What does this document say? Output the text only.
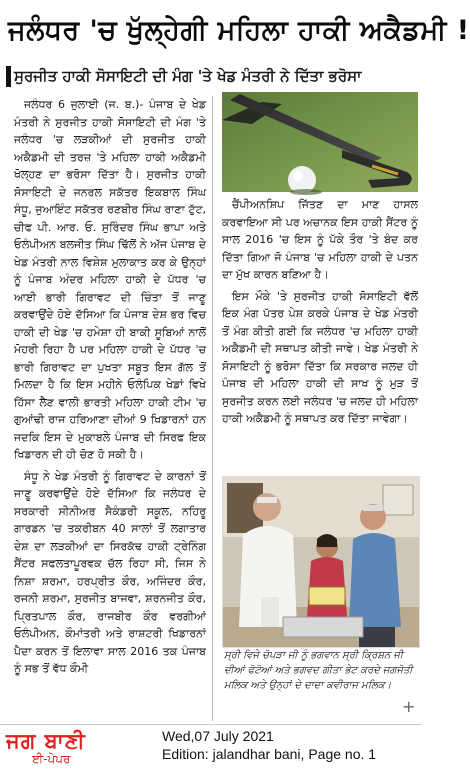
ਜਲੰਧਰ 'ਚ ਖੁੱਲ੍ਹੇਗੀ ਮਹਿਲਾ ਹਾਕੀ ਅਕੈਡਮੀ !
ਸੁਰਜੀਤ ਹਾਕੀ ਸੋਸਾਇਟੀ ਦੀ ਮੰਗ 'ਤੇ ਖੇਡ ਮੰਤਰੀ ਨੇ ਦਿੱਤਾ ਭਰੋਸਾ

ਜਲੰਧਰ 6 ਜੁਲਾਈ (ਜ. ਬ.)- ਪੰਜਾਬ ਦੇ ਖੇਡ ਮੰਤਰੀ ਨੇ ਸੁਰਜੀਤ ਹਾਕੀ ਸੋਸਾਇਟੀ ਦੀ ਮੰਗ 'ਤੇ ਜਲੰਧਰ 'ਚ ਲੜਕੀਆਂ ਦੀ ਸੁਰਜੀਤ ਹਾਕੀ ਅਕੈਡਮੀ ਦੀ ਤਰਜ਼ 'ਤੇ ਮਹਿਲਾ ਹਾਕੀ ਅਕੈਡਮੀ ਖੋਲ੍ਹਣ ਦਾ ਭਰੋਸਾ ਦਿੱਤਾ ਹੈ। ਸੁਰਜੀਤ ਹਾਕੀ ਸੋਸਾਇਟੀ ਦੇ ਜਨਰਲ ਸਕੱਤਰ ਇਕਬਾਲ ਸਿੰਘ ਸੰਧੂ, ਜੁਆਇੰਟ ਸਕੱਤਰ ਰਣਬੀਰ ਸਿੰਘ ਰਾਣਾ ਟੁੱਟ, ਚੀਫ ਪੀ. ਆਰ. ਓ. ਸੁਰਿੰਦਰ ਸਿੰਘ ਭਾਪਾ ਅਤੇ ਓਲੰਪੀਅਨ ਬਲਜੀਤ ਸਿੰਘ ਢਿੱਲੋਂ ਨੇ ਅੱਜ ਪੰਜਾਬ ਦੇ ਖੇਡ ਮੰਤਰੀ ਨਾਲ ਵਿਸ਼ੇਸ਼ ਮੁਲਾਕਾਤ ਕਰ ਕੇ ਉਨ੍ਹਾਂ ਨੂੰ ਪੰਜਾਬ ਅੰਦਰ ਮਹਿਲਾ ਹਾਕੀ ਦੇ ਪੱਧਰ 'ਚ ਆਈ ਭਾਰੀ ਗਿਰਾਵਟ ਦੀ ਚਿੰਤਾ ਤੋਂ ਜਾਣੂ ਕਰਵਾਉਂਦੇ ਹੋਏ ਦੱਸਿਆ ਕਿ ਪੰਜਾਬ ਦੇਸ਼ ਭਰ ਵਿਚ ਹਾਕੀ ਦੀ ਖੇਡ 'ਚ ਹਮੇਸ਼ਾ ਹੀ ਬਾਕੀ ਸੂਬਿਆਂ ਨਾਲੋਂ ਮੋਹਰੀ ਰਿਹਾ ਹੈ ਪਰ ਮਹਿਲਾ ਹਾਕੀ ਦੇ ਪੱਧਰ 'ਚ ਭਾਰੀ ਗਿਰਾਵਟ ਦਾ ਪੁਖਤਾ ਸਬੂਤ ਇਸ ਗੱਲ ਤੋਂ ਮਿਲਦਾ ਹੈ ਕਿ ਇਸ ਮਹੀਨੇ ਓਲੰਪਿਕ ਖੇਡਾਂ ਵਿਖੇ ਹਿੱਸਾ ਲੈਣ ਵਾਲੀ ਭਾਰਤੀ ਮਹਿਲਾ ਹਾਕੀ ਟੀਮ 'ਚ ਗੁਆਂਢੀ ਰਾਜ ਹਰਿਆਣਾ ਦੀਆਂ 9 ਖਿਡਾਰਨਾਂ ਹਨ ਜਦਕਿ ਇਸ ਦੇ ਮੁਕਾਬਲੇ ਪੰਜਾਬ ਦੀ ਸਿਰਫ ਇਕ ਖਿਡਾਰਨ ਦੀ ਹੀ ਚੋਣ ਹੋ ਸਕੀ ਹੈ।

ਸੰਧੂ ਨੇ ਖੇਡ ਮੰਤਰੀ ਨੂੰ ਗਿਰਾਵਟ ਦੇ ਕਾਰਨਾਂ ਤੋਂ ਜਾਣੂ ਕਰਵਾਉਂਦੇ ਹੋਏ ਦੱਸਿਆ ਕਿ ਜਲੰਧਰ ਦੇ ਸਰਕਾਰੀ ਸੀਨੀਅਰ ਸੈਕੰਡਰੀ ਸਕੂਲ, ਨਹਿਰੂ ਗਾਰਡਨ 'ਚ ਤਕਰੀਬਨ 40 ਸਾਲਾਂ ਤੋਂ ਲਗਾਤਾਰ ਦੇਸ਼ ਦਾ ਲੜਕੀਆਂ ਦਾ ਸਿਰਕੱਢ ਹਾਕੀ ਟ੍ਰੇਨਿੰਗ ਸੈਂਟਰ ਸਫਲਤਾਪੂਰਵਕ ਚੱਲ ਰਿਹਾ ਸੀ, ਜਿਸ ਨੇ ਨਿਸ਼ਾ ਸ਼ਰਮਾ, ਹਰਪ੍ਰੀਤ ਕੌਰ, ਅਜਿੰਦਰ ਕੌਰ, ਰਜਨੀ ਸ਼ਰਮਾ, ਸੁਰਜੀਤ ਬਾਜਵਾ, ਸ਼ਰਨਜੀਤ ਕੌਰ, ਪ੍ਰਿਤਪਾਲ ਕੌਰ, ਰਾਜਬੀਰ ਕੌਰ ਵਰਗੀਆਂ ਓਲੰਪੀਅਨ, ਕੌਮਾਂਤਰੀ ਅਤੇ ਰਾਸ਼ਟਰੀ ਖਿਡਾਰਨਾਂ ਪੈਦਾ ਕਰਨ ਤੋਂ ਇਲਾਵਾ ਸਾਲ 2016 ਤਕ ਪੰਜਾਬ ਨੂੰ ਸਭ ਤੋਂ ਵੱਧ ਕੌਮੀ

ਚੈਂਪੀਅਨਸ਼ਿਪ ਜਿੱਤਣ ਦਾ ਮਾਣ ਹਾਸਲ ਕਰਵਾਇਆ ਸੀ ਪਰ ਅਚਾਨਕ ਇਸ ਹਾਕੀ ਸੈਂਟਰ ਨੂੰ ਸਾਲ 2016 'ਚ ਇਸ ਨੂੰ ਪੱਕੇ ਤੌਰ 'ਤੇ ਬੰਦ ਕਰ ਦਿੱਤਾ ਗਿਆ ਜੋ ਪੰਜਾਬ 'ਚ ਮਹਿਲਾ ਹਾਕੀ ਦੇ ਪਤਨ ਦਾ ਮੁੱਖ ਕਾਰਨ ਬਣਿਆ ਹੈ।

ਇਸ ਮੌਕੇ 'ਤੇ ਸੁਰਜੀਤ ਹਾਕੀ ਸੋਸਾਇਟੀ ਵੱਲੋਂ ਇਕ ਮੰਗ ਪੱਤਰ ਪੇਸ਼ ਕਰਕੇ ਪੰਜਾਬ ਦੇ ਖੇਡ ਮੰਤਰੀ ਤੋਂ ਮੰਗ ਕੀਤੀ ਗਈ ਕਿ ਜਲੰਧਰ 'ਚ ਮਹਿਲਾ ਹਾਕੀ ਅਕੈਡਮੀ ਦੀ ਸਥਾਪਤ ਕੀਤੀ ਜਾਵੇ। ਖੇਡ ਮੰਤਰੀ ਨੇ ਸੋਸਾਇਟੀ ਨੂੰ ਭਰੋਸਾ ਦਿੱਤਾ ਕਿ ਸਰਕਾਰ ਜਲਦ ਹੀ ਪੰਜਾਬ ਦੀ ਮਹਿਲਾ ਹਾਕੀ ਦੀ ਸਾਖ ਨੂੰ ਮੁੜ ਤੋਂ ਸੁਰਜੀਤ ਕਰਨ ਲਈ ਜਲੰਧਰ 'ਚ ਜਲਦ ਹੀ ਮਹਿਲਾ ਹਾਕੀ ਅਕੈਡਮੀ ਨੂੰ ਸਥਾਪਤ ਕਰ ਦਿੱਤਾ ਜਾਵੇਗਾ।

ਸ੍ਰੀ ਵਿਜੇ ਚੋਪੜਾ ਜੀ ਨੂੰ ਭਗਵਾਨ ਸ੍ਰੀ ਕ੍ਰਿਸ਼ਨ ਜੀ ਦੀਆਂ ਫੋਟੋਆਂ ਅਤੇ ਭਗਵਦ ਗੀਤਾ ਭੇਟ ਕਰਦੇ ਜਗਜੋਤੀ ਮਲਿਕ ਅਤੇ ਉਨ੍ਹਾਂ ਦੇ ਦਾਦਾ ਕਵੀਰਾਜ ਮਲਿਕ।
+
ਜਗ ਬਾਣੀ
ਈ-ਪੇਪਰ
Wed,07 July 2021
Edition: jalandhar bani, Page no. 1
